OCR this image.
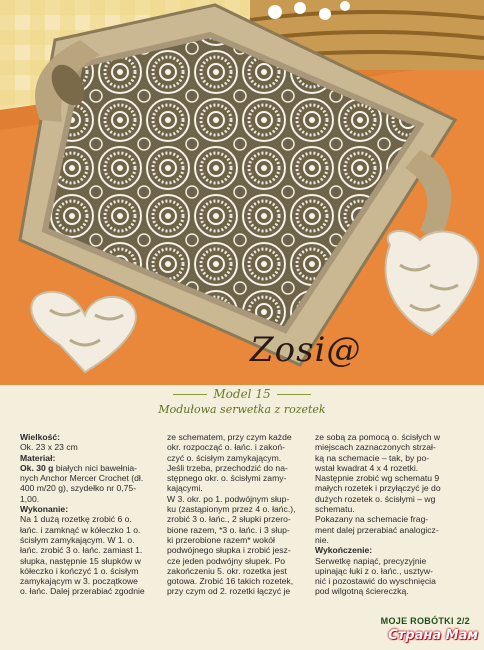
Zosi@
Model 15
Modułowa serwetka z rozetek

Wielkość:

Ok. 23 x 23 cm

Materiał:

Ok. 30 g białych nici bawełnia-

nych Anchor Mercer Crochet (dł.

400 m/20 g), szydełko nr 0,75-

1,00.

Wykonanie:

Na 1 dużą rozetkę zrobić 6 o.

łańc. i zamknąć w kółeczko 1 o.

ścisłym zamykającym. W 1. o.

łańc. zrobić 3 o. łańc. zamiast 1.

słupka, następnie 15 słupków w

kółeczko i kończyć 1 o. ścisłym

zamykającym w 3. początkowe

o. łańc. Dalej przerabiać zgodnie

ze schematem, przy czym każde

okr. rozpocząć o. łańc. i zakoń-

czyć o. ścisłym zamykającym.

Jeśli trzeba, przechodzić do na-

stępnego okr. o. ścisłymi zamy-

kającymi.

W 3. okr. po 1. podwójnym słup-

ku (zastąpionym przez 4 o. łańc.),

zrobić 3 o. łańc., 2 słupki przero-

bione razem, *3 o. łańc. i 3 słup-

ki przerobione razem* wokół

podwójnego słupka i zrobić jesz-

cze jeden podwójny słupek. Po

zakończeniu 5. okr. rozetka jest

gotowa. Zrobić 16 takich rozetek,

przy czym od 2. rozetki łączyć je

ze sobą za pomocą o. ścisłych w

miejscach zaznaczonych strzał-

ką na schemacie – tak, by po-

wstał kwadrat 4 x 4 rozetki.

Następnie zrobić wg schematu 9

małych rozetek i przyłączyć je do

dużych rozetek o. ścisłymi – wg

schematu.

Pokazany na schemacie frag-

ment dalej przerabiać analogicz-

nie.

Wykończenie:

Serwetkę napiąć, precyzyjnie

upinając łuki z o. łańc., usztyw-

nić i pozostawić do wyschnięcia

pod wilgotną ściereczką.

MOJE ROBÓTKI 2/2
Страна Мам
